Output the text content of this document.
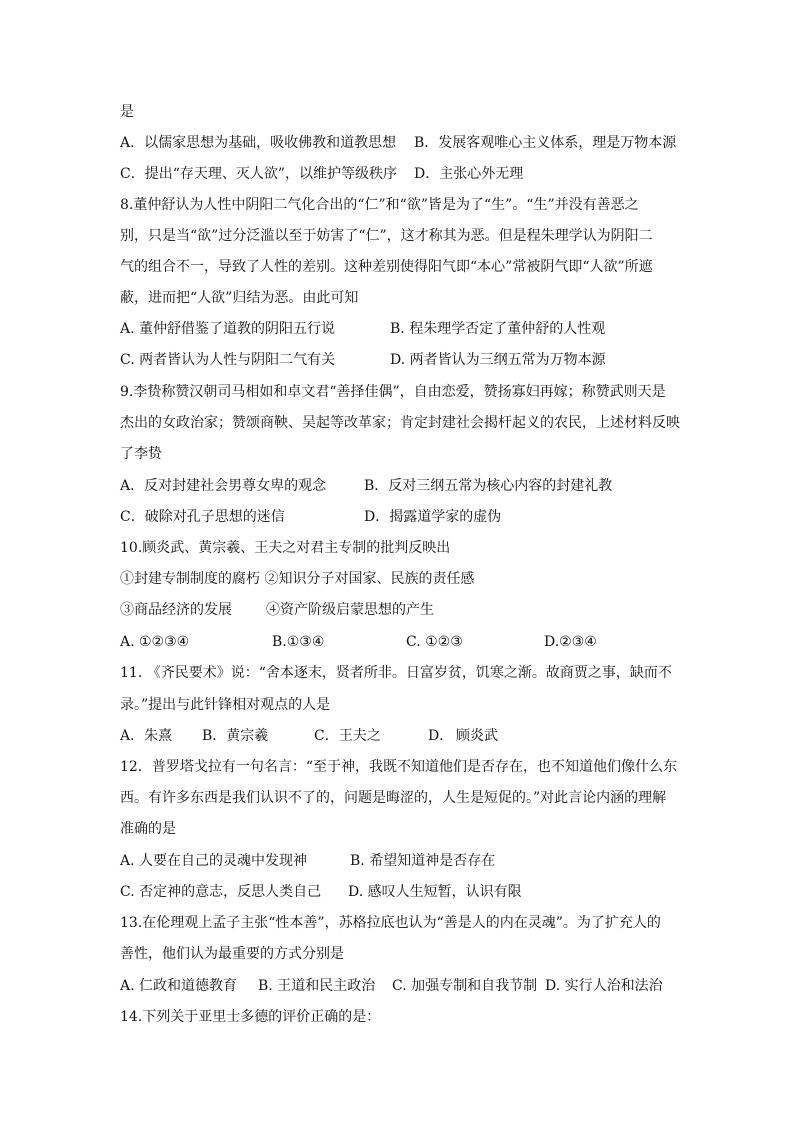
是
A．以儒家思想为基础，吸收佛教和道教思想 B．发展客观唯心主义体系，理是万物本源
C．提出“存天理、灭人欲”，以维护等级秩序 D．主张心外无理
8.董仲舒认为人性中阴阳二气化合出的“仁”和“欲”皆是为了“生”。“生”并没有善恶之
别，只是当“欲”过分泛滥以至于妨害了“仁”，这才称其为恶。但是程朱理学认为阴阳二
气的组合不一，导致了人性的差别。这种差别使得阳气即“本心”常被阴气即“人欲”所遮
蔽，进而把“人欲”归结为恶。由此可知
A. 董仲舒借鉴了道教的阴阳五行说	B. 程朱理学否定了董仲舒的人性观
C. 两者皆认为人性与阴阳二气有关	D. 两者皆认为三纲五常为万物本源
9.李贽称赞汉朝司马相如和卓文君“善择佳偶”，自由恋爱，赞扬寡妇再嫁；称赞武则天是
杰出的女政治家；赞颂商鞅、吴起等改革家；肯定封建社会揭杆起义的农民，上述材料反映
了李贽
A．反对封建社会男尊女卑的观念	B．反对三纲五常为核心内容的封建礼教
C．破除对孔子思想的迷信	D．揭露道学家的虚伪
10.顾炎武、黄宗羲、王夫之对君主专制的批判反映出
①封建专制制度的腐朽 ②知识分子对国家、民族的责任感
③商品经济的发展 ④资产阶级启蒙思想的产生
A. ①②③④	B.①③④	C. ①②③	D.②③④
11. 《齐民要术》说：“舍本逐末，贤者所非。日富岁贫，饥寒之渐。故商贾之事，缺而不
录。”提出与此针锋相对观点的人是
A．朱熹 B．黄宗羲	C．王夫之	D． 顾炎武
12．普罗塔戈拉有一句名言：“至于神，我既不知道他们是否存在，也不知道他们像什么东
西。有许多东西是我们认识不了的，问题是晦涩的，人生是短促的。”对此言论内涵的理解
准确的是
A. 人要在自己的灵魂中发现神	B. 希望知道神是否存在
C. 否定神的意志，反思人类自己 D. 感叹人生短暂，认识有限
13.在伦理观上孟子主张“性本善”，苏格拉底也认为“善是人的内在灵魂”。为了扩充人的
善性，他们认为最重要的方式分别是
A. 仁政和道德教育 B. 王道和民主政治 C. 加强专制和自我节制 D. 实行人治和法治
14.下列关于亚里士多德的评价正确的是：
